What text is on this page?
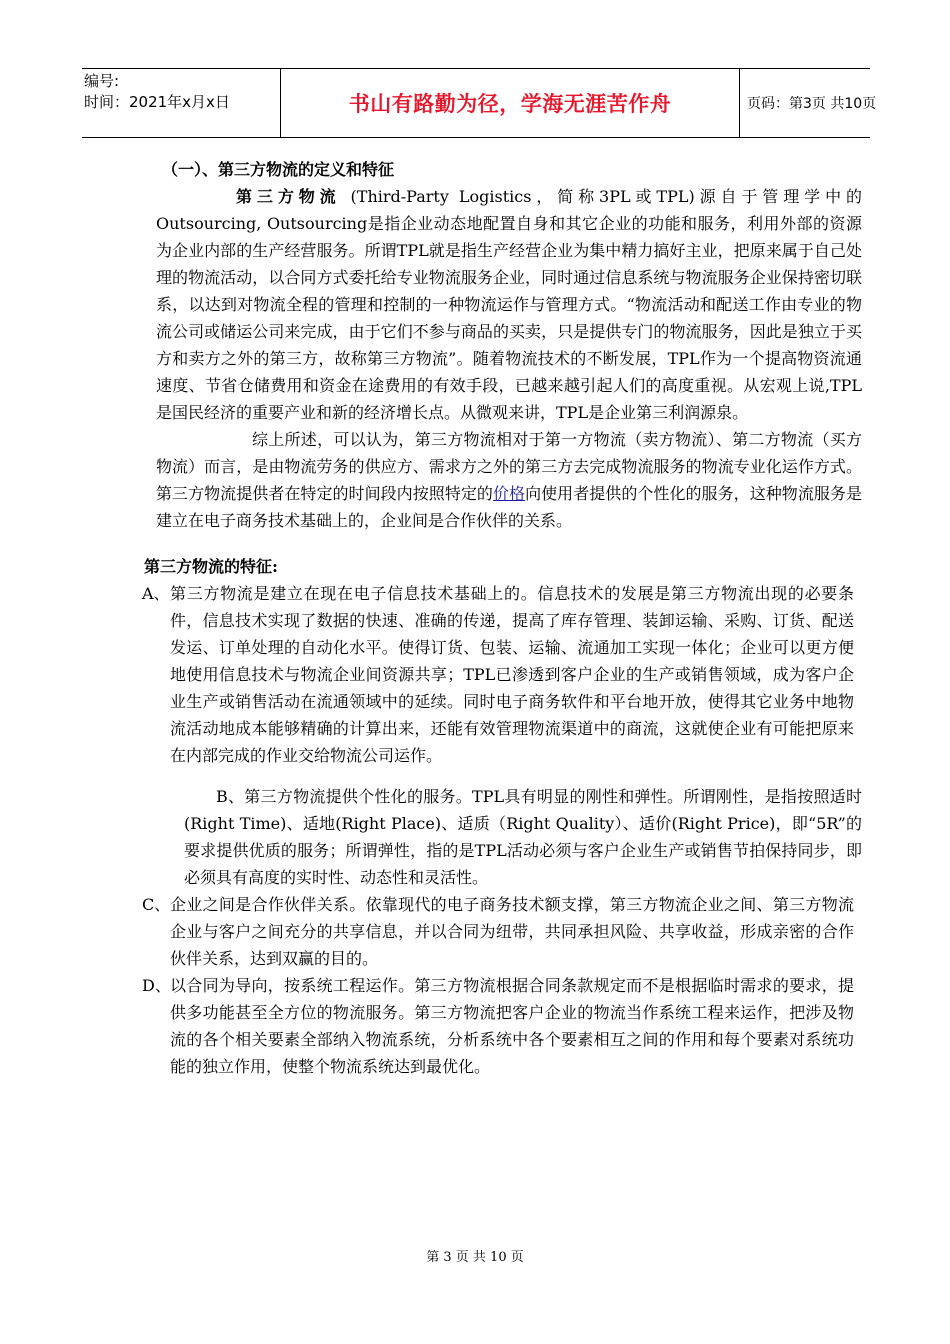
编号:
时间：2021年x月x日	书山有路勤为径，学海无涯苦作舟	页码：第3页 共10页

（一）、第三方物流的定义和特征

第三方物流 (Third-Party Logistics，简称3PL或TPL)源自于管理学中的Outsourcing, Outsourcing是指企业动态地配置自身和其它企业的功能和服务，利用外部的资源为企业内部的生产经营服务。所谓TPL就是指生产经营企业为集中精力搞好主业，把原来属于自己处理的物流活动，以合同方式委托给专业物流服务企业，同时通过信息系统与物流服务企业保持密切联系，以达到对物流全程的管理和控制的一种物流运作与管理方式。“物流活动和配送工作由专业的物流公司或储运公司来完成，由于它们不参与商品的买卖，只是提供专门的物流服务，因此是独立于买方和卖方之外的第三方，故称第三方物流”。随着物流技术的不断发展，TPL作为一个提高物资流通速度、节省仓储费用和资金在途费用的有效手段，已越来越引起人们的高度重视。从宏观上说,TPL是国民经济的重要产业和新的经济增长点。从微观来讲，TPL是企业第三利润源泉。

综上所述，可以认为，第三方物流相对于第一方物流（卖方物流）、第二方物流（买方物流）而言，是由物流劳务的供应方、需求方之外的第三方去完成物流服务的物流专业化运作方式。第三方物流提供者在特定的时间段内按照特定的价格向使用者提供的个性化的服务，这种物流服务是建立在电子商务技术基础上的，企业间是合作伙伴的关系。

第三方物流的特征:

A、 第三方物流是建立在现在电子信息技术基础上的。信息技术的发展是第三方物流出现的必要条件，信息技术实现了数据的快速、准确的传递，提高了库存管理、装卸运输、采购、订货、配送发运、订单处理的自动化水平。使得订货、包装、运输、流通加工实现一体化；企业可以更方便地使用信息技术与物流企业间资源共享；TPL已渗透到客户企业的生产或销售领域，成为客户企业生产或销售活动在流通领域中的延续。同时电子商务软件和平台地开放，使得其它业务中地物流活动地成本能够精确的计算出来，还能有效管理物流渠道中的商流，这就使企业有可能把原来在内部完成的作业交给物流公司运作。

B、第三方物流提供个性化的服务。TPL具有明显的刚性和弹性。所谓刚性，是指按照适时(Right Time)、适地(Right Place)、适质（Right Quality）、适价(Right Price)，即“5R”的要求提供优质的服务；所谓弹性，指的是TPL活动必须与客户企业生产或销售节拍保持同步，即必须具有高度的实时性、动态性和灵活性。

C、 企业之间是合作伙伴关系。依靠现代的电子商务技术额支撑，第三方物流企业之间、第三方物流企业与客户之间充分的共享信息，并以合同为纽带，共同承担风险、共享收益，形成亲密的合作伙伴关系，达到双赢的目的。

D、 以合同为导向，按系统工程运作。第三方物流根据合同条款规定而不是根据临时需求的要求，提供多功能甚至全方位的物流服务。第三方物流把客户企业的物流当作系统工程来运作，把涉及物流的各个相关要素全部纳入物流系统，分析系统中各个要素相互之间的作用和每个要素对系统功能的独立作用，使整个物流系统达到最优化。

第 3 页 共 10 页
